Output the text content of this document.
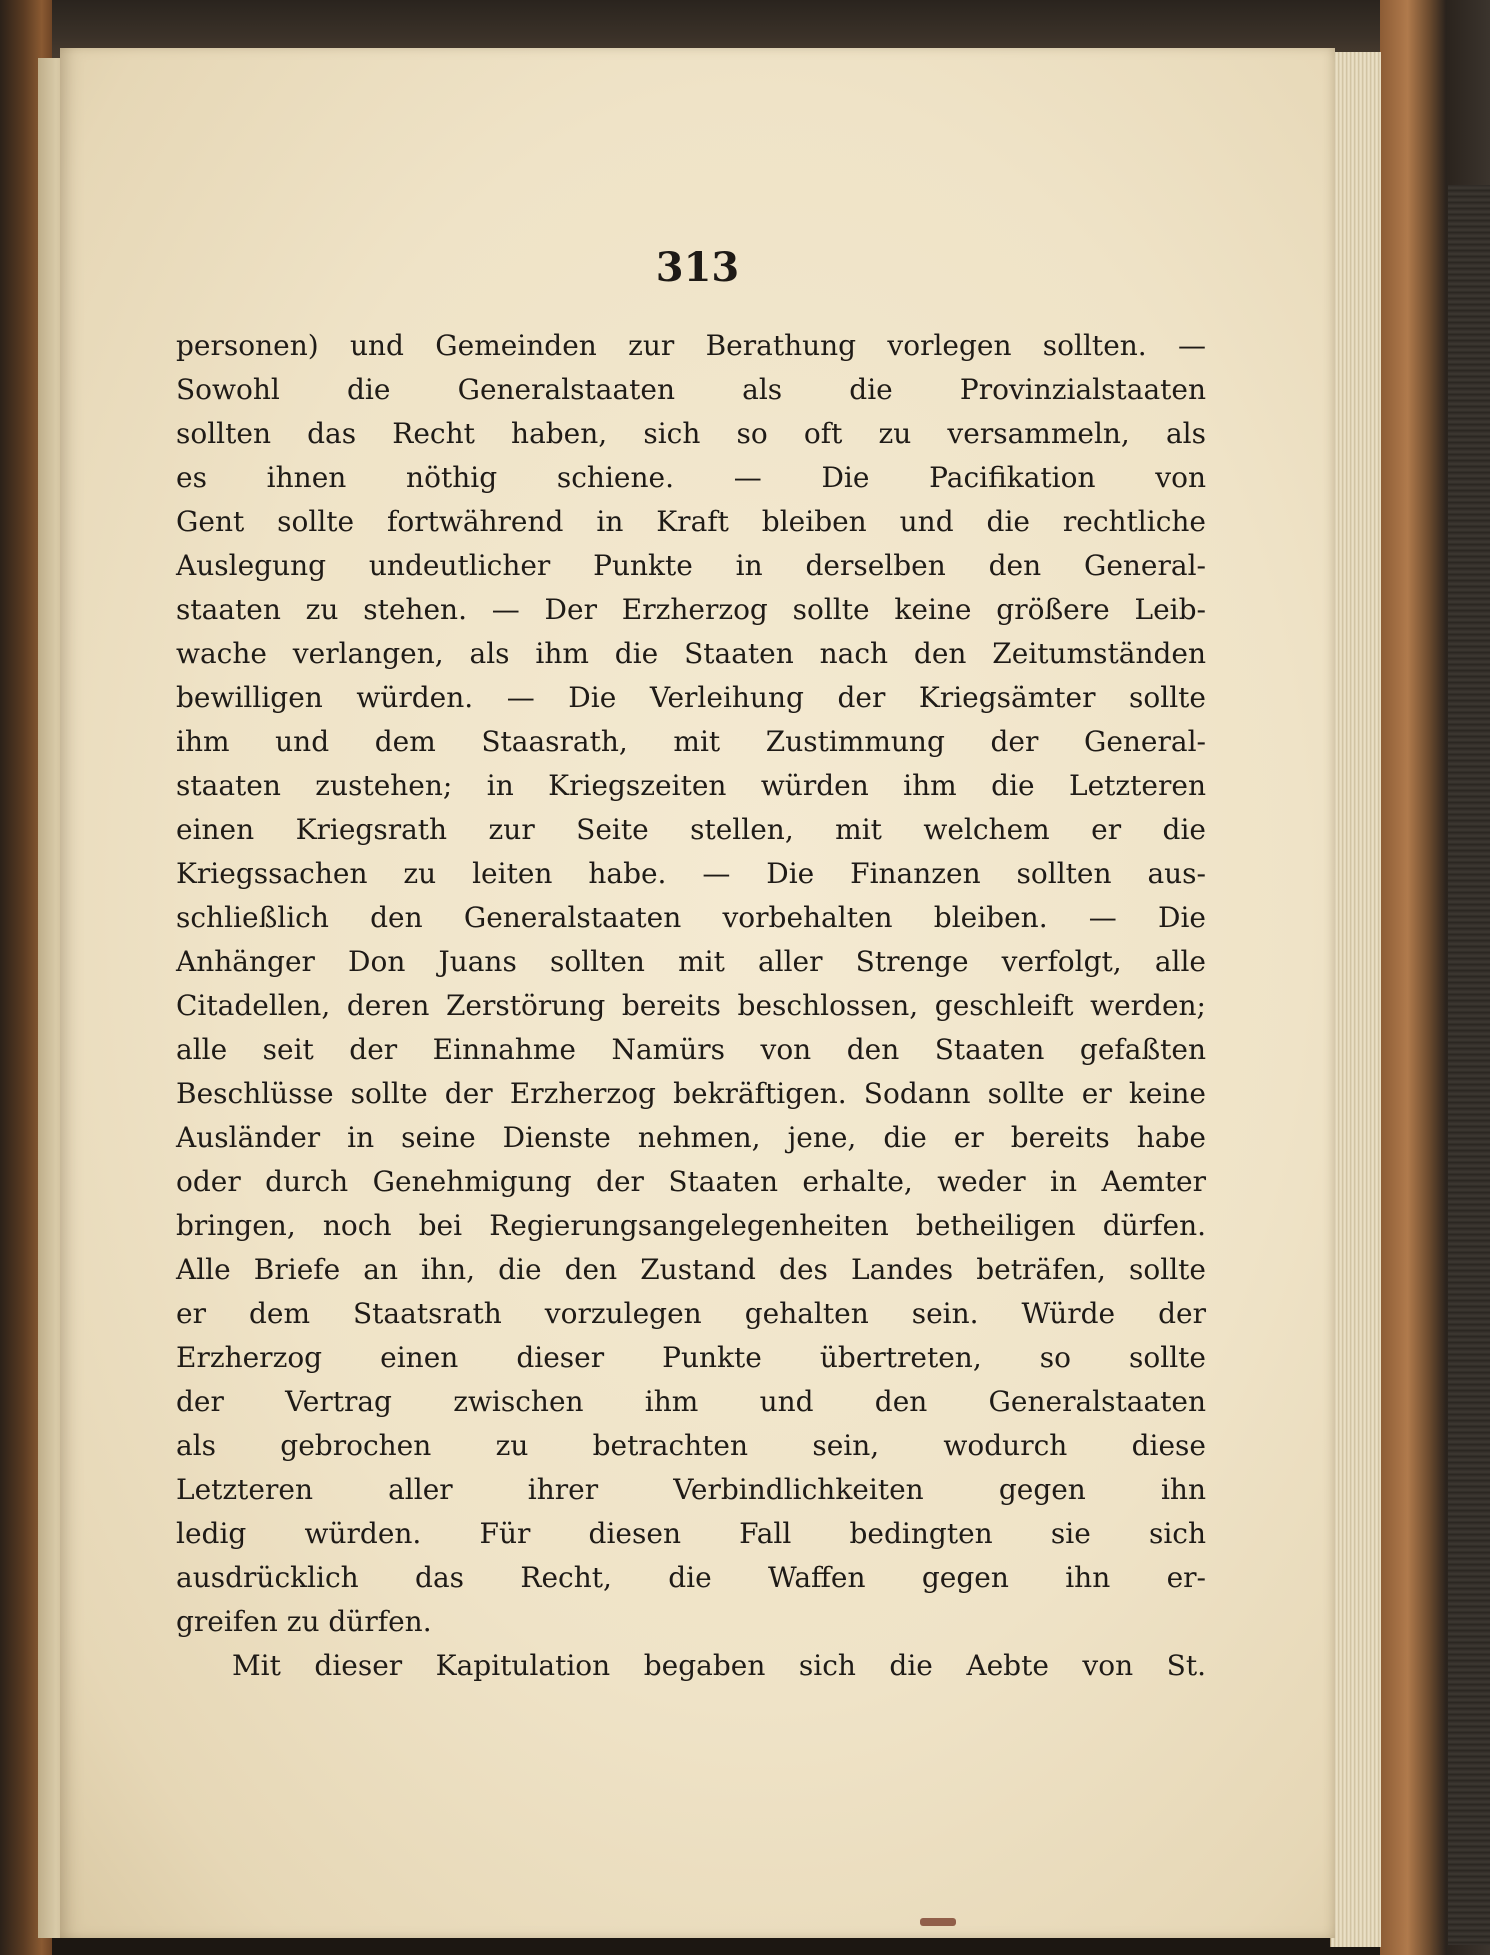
313
personen) und Gemeinden zur Berathung vorlegen sollten. —
Sowohl die Generalstaaten als die Provinzialstaaten
sollten das Recht haben, sich so oft zu versammeln, als
es ihnen nöthig schiene. — Die Pacifikation von
Gent sollte fortwährend in Kraft bleiben und die rechtliche
Auslegung undeutlicher Punkte in derselben den General-
staaten zu stehen. — Der Erzherzog sollte keine größere Leib-
wache verlangen, als ihm die Staaten nach den Zeitumständen
bewilligen würden. — Die Verleihung der Kriegsämter sollte
ihm und dem Staasrath, mit Zustimmung der General-
staaten zustehen; in Kriegszeiten würden ihm die Letzteren
einen Kriegsrath zur Seite stellen, mit welchem er die
Kriegssachen zu leiten habe. — Die Finanzen sollten aus-
schließlich den Generalstaaten vorbehalten bleiben. — Die
Anhänger Don Juans sollten mit aller Strenge verfolgt, alle
Citadellen, deren Zerstörung bereits beschlossen, geschleift werden;
alle seit der Einnahme Namürs von den Staaten gefaßten
Beschlüsse sollte der Erzherzog bekräftigen. Sodann sollte er keine
Ausländer in seine Dienste nehmen, jene, die er bereits habe
oder durch Genehmigung der Staaten erhalte, weder in Aemter
bringen, noch bei Regierungsangelegenheiten betheiligen dürfen.
Alle Briefe an ihn, die den Zustand des Landes beträfen, sollte
er dem Staatsrath vorzulegen gehalten sein. Würde der
Erzherzog einen dieser Punkte übertreten, so sollte
der Vertrag zwischen ihm und den Generalstaaten
als gebrochen zu betrachten sein, wodurch diese
Letzteren aller ihrer Verbindlichkeiten gegen ihn
ledig würden. Für diesen Fall bedingten sie sich
ausdrücklich das Recht, die Waffen gegen ihn er-
greifen zu dürfen.
Mit dieser Kapitulation begaben sich die Aebte von St.
